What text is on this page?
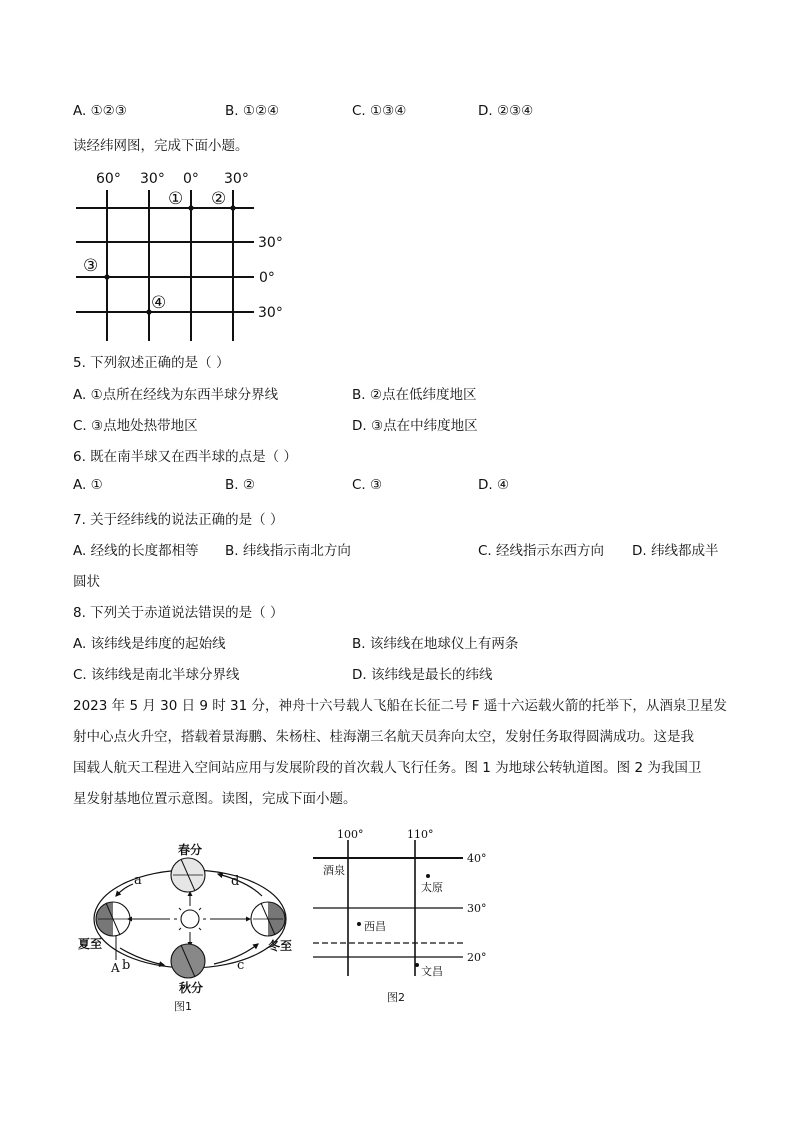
A. ①②③	B. ①②④	C. ①③④	D. ②③④
读经纬网图，完成下面小题。
60° 30° 0° 30°
① ②
③
④
30°
0°
30°
5. 下列叙述正确的是（ ）
A. ①点所在经线为东西半球分界线	B. ②点在低纬度地区
C. ③点地处热带地区	D. ③点在中纬度地区
6. 既在南半球又在西半球的点是（ ）
A. ①	B. ②	C. ③	D. ④
7. 关于经纬线的说法正确的是（ ）
A. 经线的长度都相等 B. 纬线指示南北方向	C. 经线指示东西方向 D. 纬线都成半
圆状
8. 下列关于赤道说法错误的是（ ）
A. 该纬线是纬度的起始线	B. 该纬线在地球仪上有两条
C. 该纬线是南北半球分界线	D. 该纬线是最长的纬线
2023 年 5 月 30 日 9 时 31 分，神舟十六号载人飞船在长征二号 F 遥十六运载火箭的托举下，从酒泉卫星发
射中心点火升空，搭载着景海鹏、朱杨柱、桂海潮三名航天员奔向太空，发射任务取得圆满成功。这是我
国载人航天工程进入空间站应用与发展阶段的首次载人飞行任务。图 1 为地球公转轨道图。图 2 为我国卫
星发射基地位置示意图。读图，完成下面小题。
春分
夏至
秋分
冬至
a
b	c
d
A
图1
100°	110°
40°
30°
20°
酒泉
太原
西昌
文昌
图2
